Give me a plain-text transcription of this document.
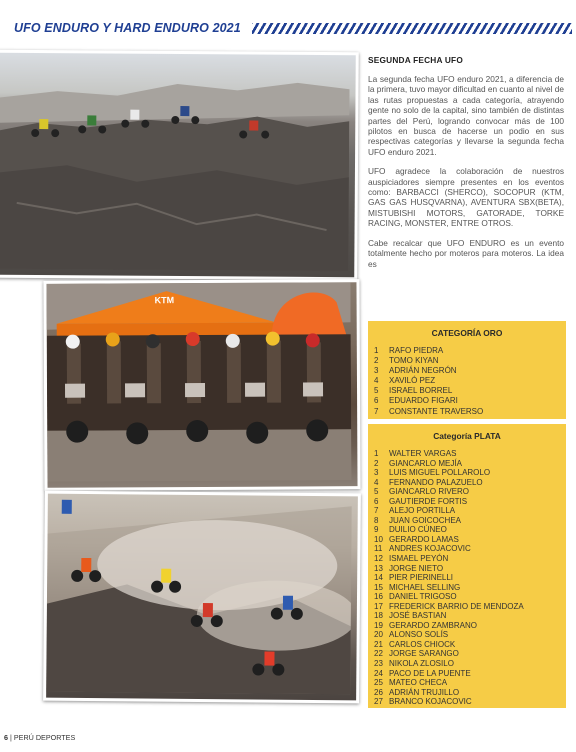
UFO ENDURO Y HARD ENDURO 2021
KTM
SEGUNDA FECHA UFO

La segunda fecha UFO enduro 2021, a diferencia de la primera, tuvo mayor dificultad en cuanto al nivel de las rutas propuestas a cada categoría, atrayendo gente no solo de la capital, sino también de distintas partes del Perú, logrando convocar más de 100 pilotos en busca de hacerse un podio en sus respectivas categorías y llevarse la segunda fecha UFO enduro 2021.

UFO agradece la colaboración de nuestros auspiciadores siempre presentes en los eventos como: BARBACCI (SHERCO), SOCOPUR (KTM, GAS GAS HUSQVARNA), AVENTURA SBX(BETA), MISTUBISHI MOTORS, GATORADE, TORKE RACING, MONSTER, ENTRE OTROS.

Cabe recalcar que UFO ENDURO es un evento totalmente hecho por moteros para moteros. La idea es

CATEGORÍA ORO
1 RAFO PIEDRA
2 TOMO KIYAN
3 ADRIÁN NEGRÓN
4 XAVILÓ PEZ
5 ISRAEL BORREL
6 EDUARDO FIGARI
7 CONSTANTE TRAVERSO
Categoría PLATA
1 WALTER VARGAS
2 GIANCARLO MEJÍA
3 LUIS MIGUEL POLLAROLO
4 FERNANDO PALAZUELO
5 GIANCARLO RIVERO
6 GAUTIERDE FORTIS
7 ALEJO PORTILLA
8 JUAN GOICOCHEA
9 DUILIO CÚNEO
10 GERARDO LAMAS
11 ANDRES KOJACOVIC
12 ISMAEL PEYÓN
13 JORGE NIETO
14 PIER PIERINELLI
15 MICHAEL SELLING
16 DANIEL TRIGOSO
17 FREDERICK BARRIO DE MENDOZA
18 JOSÉ BASTIAN
19 GERARDO ZAMBRANO
20 ALONSO SOLÍS
21 CARLOS CHIOCK
22 JORGE SARANGO
23 NIKOLA ZLOSILO
24 PACO DE LA PUENTE
25 MATEO CHECA
26 ADRIÁN TRUJILLO
27 BRANCO KOJACOVIC
6 | PERÚ DEPORTES
